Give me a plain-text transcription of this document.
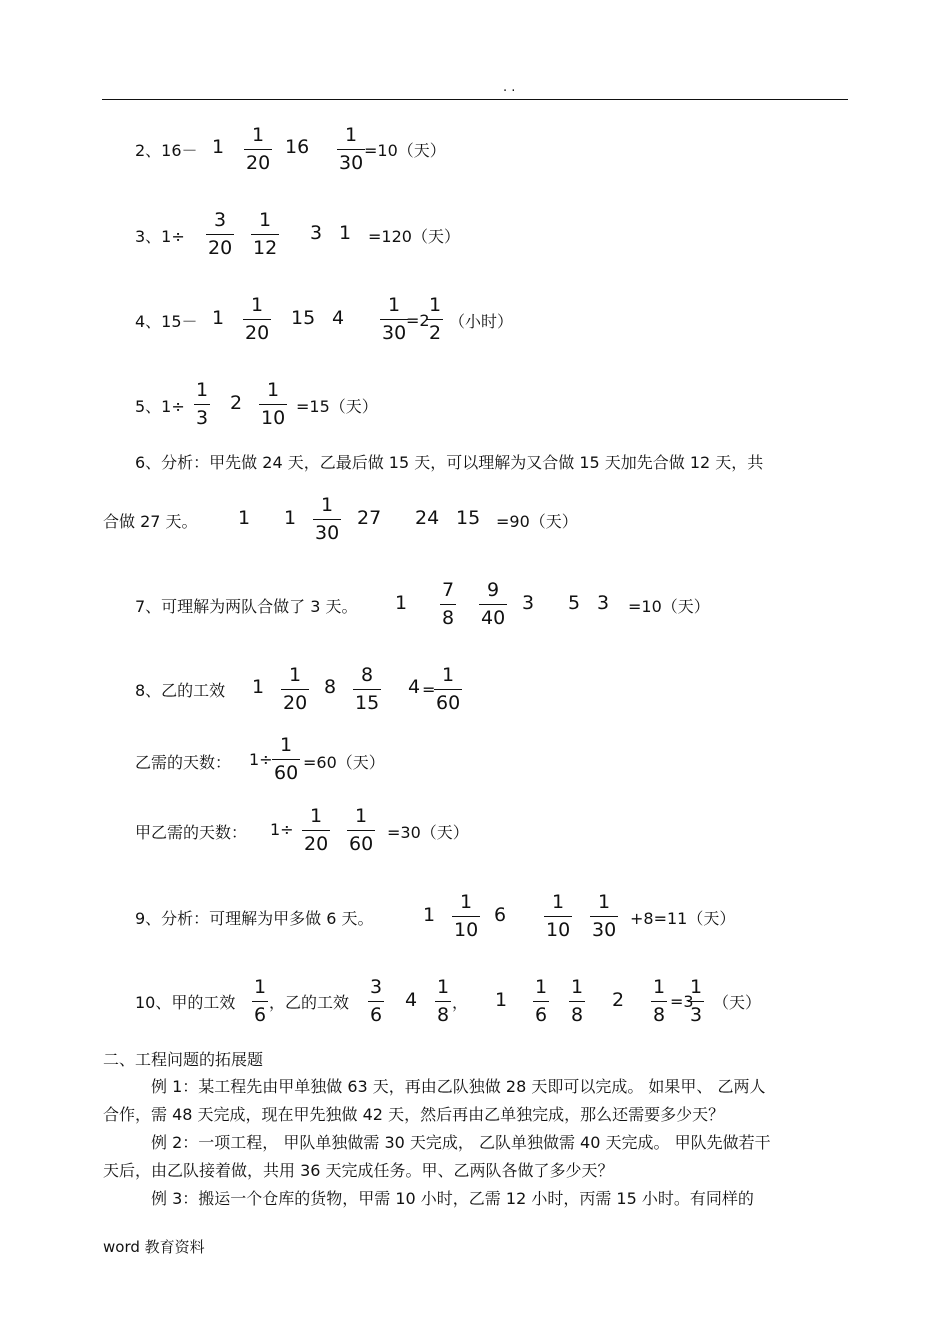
. .
2、16－ 1
1
20
16
1
30
=10（天）
3、1÷
3
20
1
12
3 1 =120（天）
4、15－ 1
1
20
15 4
1
30
=2
1
2
（小时）
5、1÷
1
3
2
1
10
=15（天）
6、分析：甲先做 24 天，乙最后做 15 天，可以理解为又合做 15 天加先合做 12 天，共
合做 27 天。 1 1
1
30
27 24 15 =90（天）
7、可理解为两队合做了 3 天。 1
7
8
9
40
3 5 3 =10（天）
8、乙的工效 1
1
20
8
8
15
4 =
1
60
乙需的天数： 1÷
1
60 =60（天）
甲乙需的天数： 1÷
1
20
1
60
=30（天）
9、分析：可理解为甲多做 6 天。	1
1
10
6
1
10
1
30
+8=11（天）
10、甲的工效
1
6
，乙的工效
3
6
4
1
8
， 1
1
6
1
8
2
1
8
=3
1
3
（天）
二、工程问题的拓展题
例 1：某工程先由甲单独做 63 天，再由乙队独做 28 天即可以完成。 如果甲、 乙两人
合作，需 48 天完成，现在甲先独做 42 天，然后再由乙单独完成，那么还需要多少天？
例 2：一项工程， 甲队单独做需 30 天完成， 乙队单独做需 40 天完成。 甲队先做若干
天后，由乙队接着做，共用 36 天完成任务。甲、乙两队各做了多少天？
例 3：搬运一个仓库的货物，甲需 10 小时，乙需 12 小时，丙需 15 小时。有同样的
word 教育资料
